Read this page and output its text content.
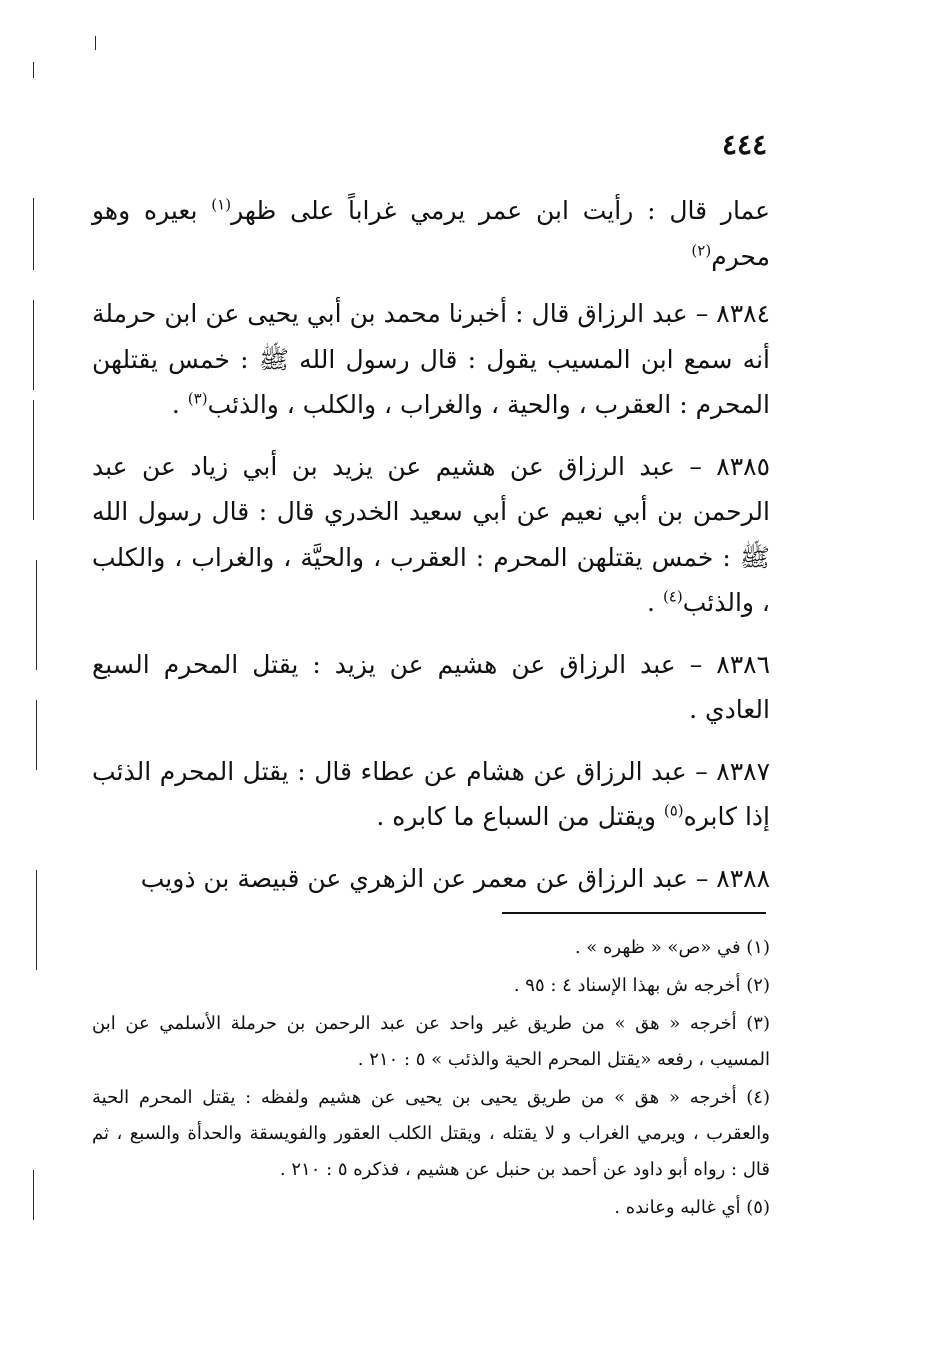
٤٤٤

عمار قال : رأيت ابن عمر يرمي غراباً على ظهر$^{(١)}$ بعيره وهو محرم$^{(٢)}$

٨٣٨٤ – عبد الرزاق قال : أخبرنا محمد بن أبي يحيى عن ابن حرملة أنه سمع ابن المسيب يقول : قال رسول الله ﷺ : خمس يقتلهن المحرم : العقرب ، والحية ، والغراب ، والكلب ، والذئب$^{(٣)}$ .

٨٣٨٥ – عبد الرزاق عن هشيم عن يزيد بن أبي زياد عن عبد الرحمن بن أبي نعيم عن أبي سعيد الخدري قال : قال رسول الله ﷺ : خمس يقتلهن المحرم : العقرب ، والحيَّة ، والغراب ، والكلب ، والذئب$^{(٤)}$ .

٨٣٨٦ – عبد الرزاق عن هشيم عن يزيد : يقتل المحرم السبع العادي .

٨٣٨٧ – عبد الرزاق عن هشام عن عطاء قال : يقتل المحرم الذئب إذا كابره$^{(٥)}$ ويقتل من السباع ما كابره .

٨٣٨٨ – عبد الرزاق عن معمر عن الزهري عن قبيصة بن ذويب

(١) في «ص» « ظهره » .

(٢) أخرجه ش بهذا الإسناد ٤ : ٩٥ .

(٣) أخرجه « هق » من طريق غير واحد عن عبد الرحمن بن حرملة الأسلمي عن ابن المسيب ، رفعه «يقتل المحرم الحية والذئب » ٥ : ٢١٠ .

(٤) أخرجه « هق » من طريق يحيى بن يحيى عن هشيم ولفظه : يقتل المحرم الحية والعقرب ، ويرمي الغراب و لا يقتله ، ويقتل الكلب العقور والفويسقة والحدأة والسبع ، ثم قال : رواه أبو داود عن أحمد بن حنبل عن هشيم ، فذكره ٥ : ٢١٠ .

(٥) أي غالبه وعانده .
